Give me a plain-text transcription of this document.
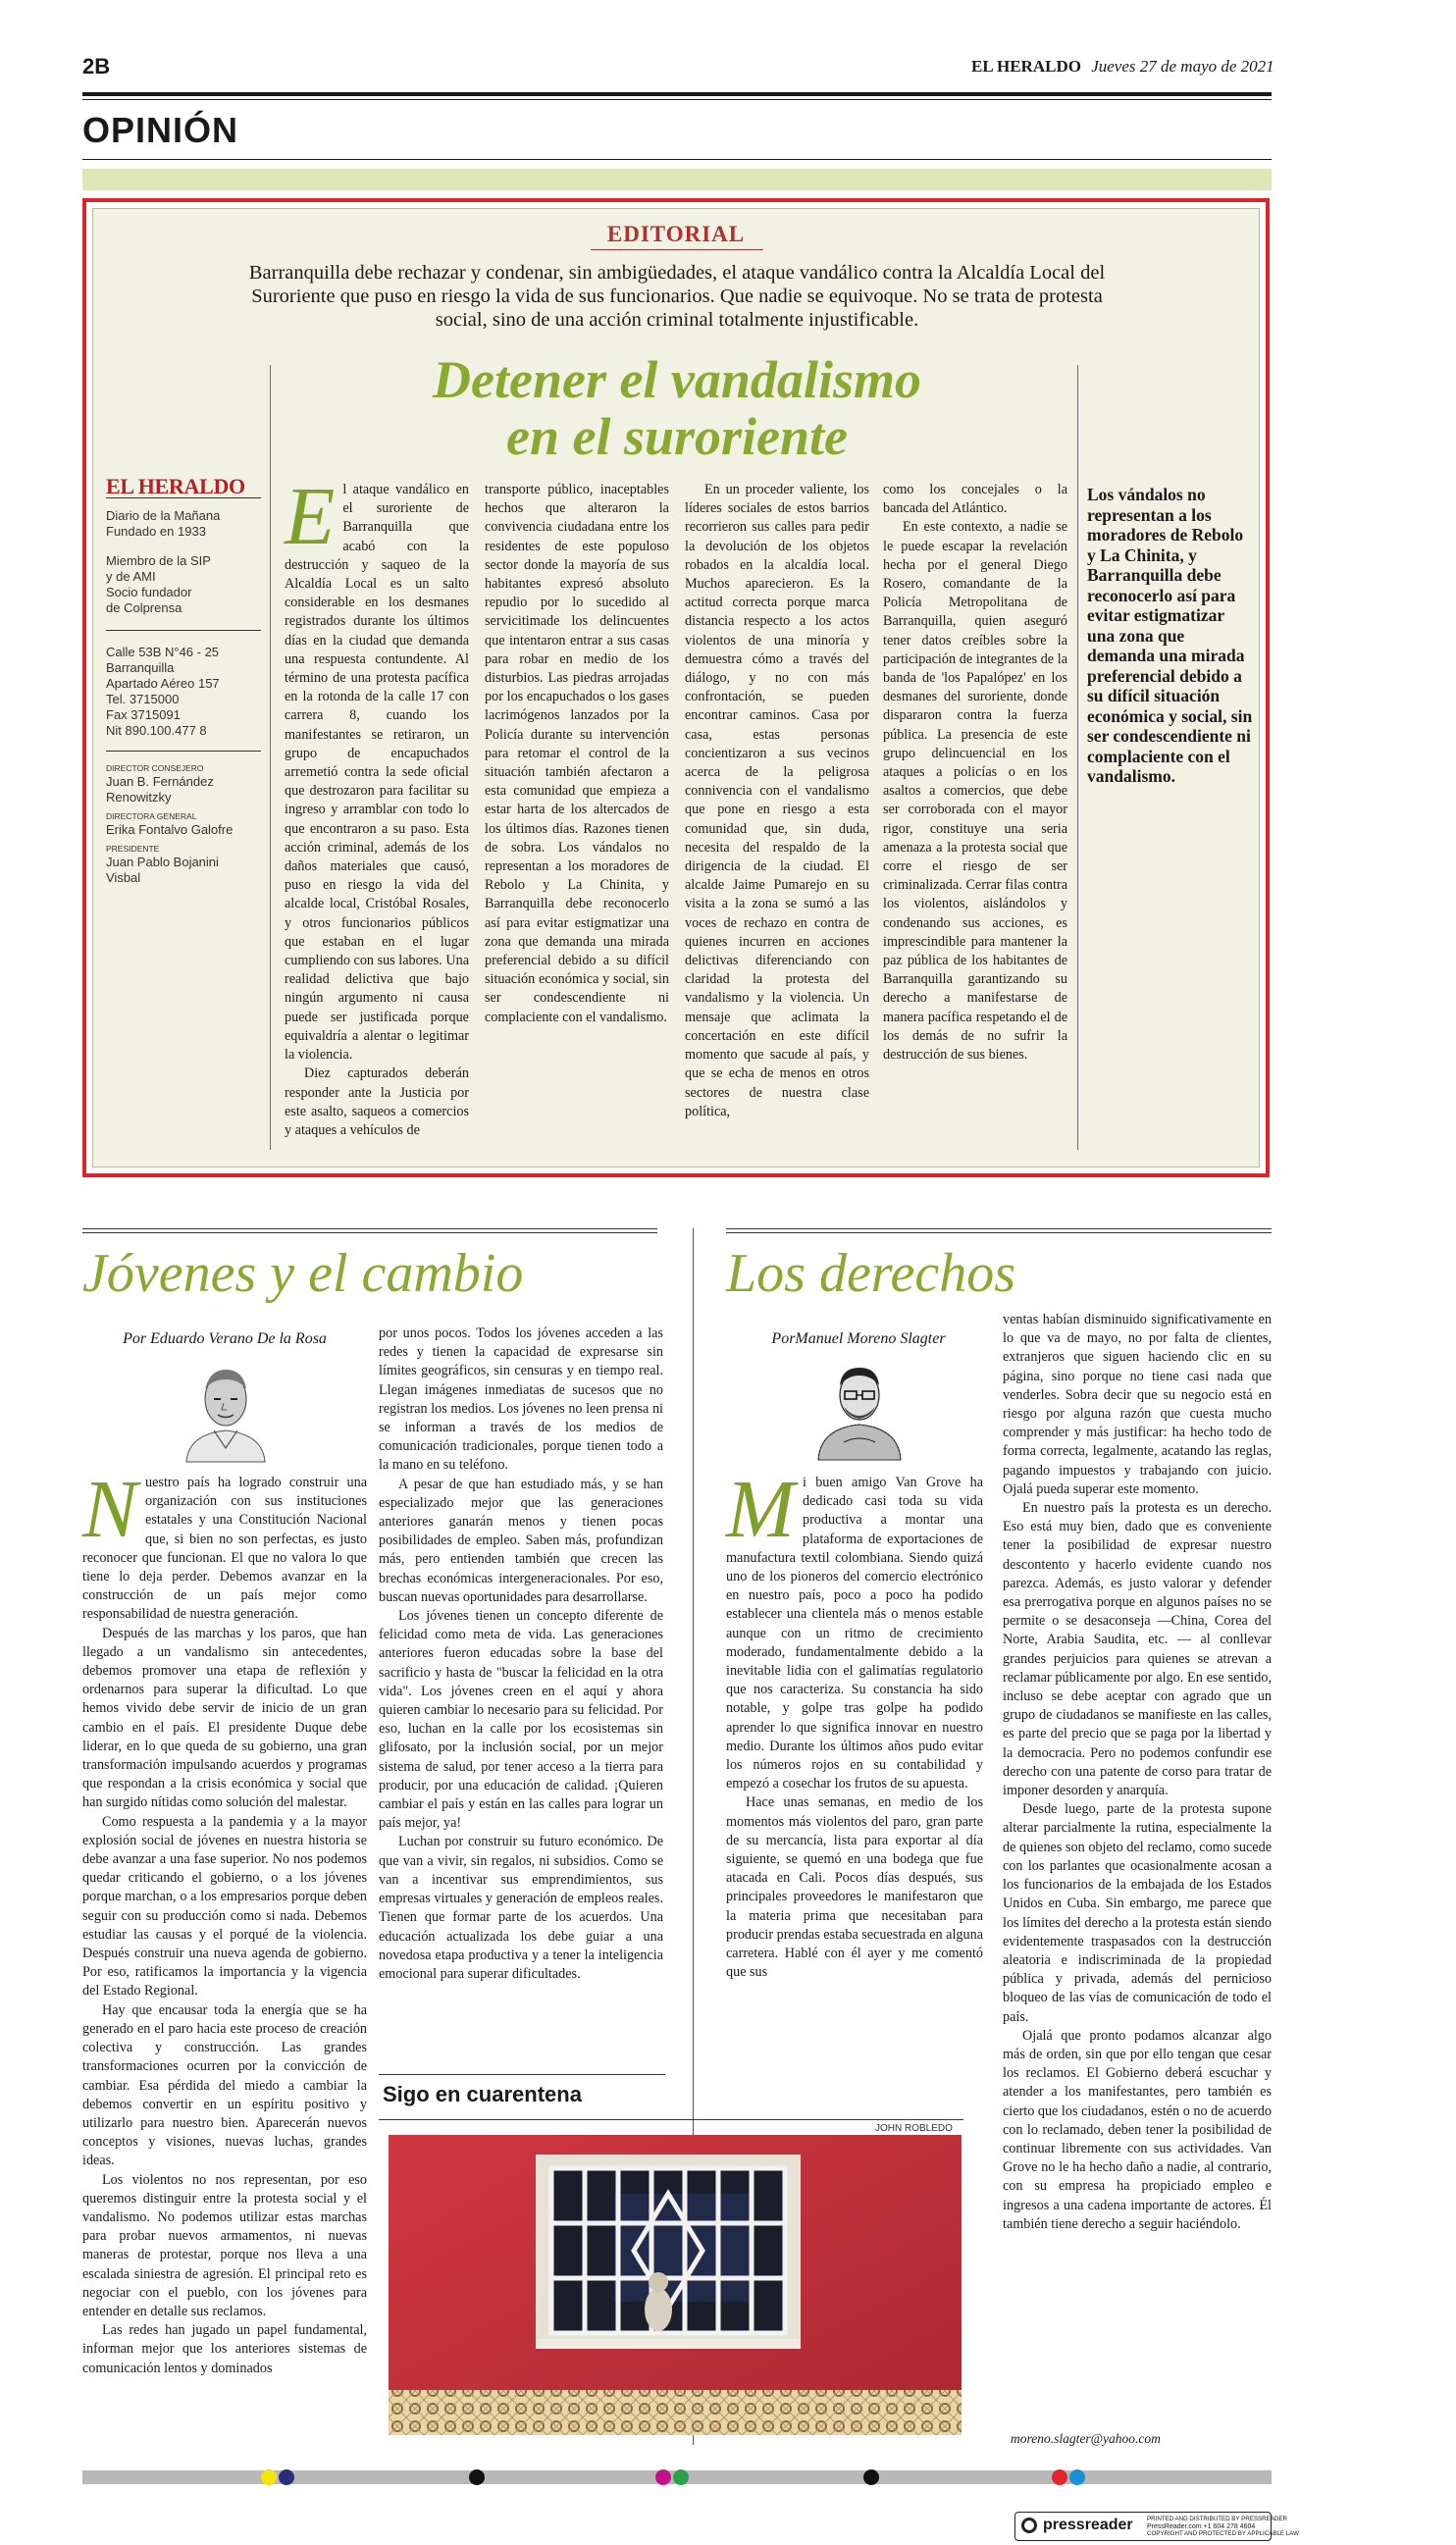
2B	EL HERALDO Jueves 27 de mayo de 2021
OPINIÓN
EDITORIAL
Barranquilla debe rechazar y condenar, sin ambigüedades, el ataque vandálico contra la Alcaldía Local del Suroriente que puso en riesgo la vida de sus funcionarios. Que nadie se equivoque. No se trata de protesta social, sino de una acción criminal totalmente injustificable.
Detener el vandalismo
en el suroriente
EL HERALDO
Diario de la Mañana
Fundado en 1933
Miembro de la SIP
y de AMI
Socio fundador
de Colprensa
Calle 53B N°46 - 25
Barranquilla
Apartado Aéreo 157
Tel. 3715000
Fax 3715091
Nit 890.100.477 8
DIRECTOR CONSEJERO
Juan B. Fernández
Renowitzky
DIRECTORA GENERAL
Erika Fontalvo Galofre
PRESIDENTE
Juan Pablo Bojanini
Visbal
E l ataque vandálico en el suroriente de Barranquilla que acabó con la destrucción y saqueo de la Alcaldía Local es un salto considerable en los desmanes registrados durante los últimos días en la ciudad que demanda una respuesta contundente. Al término de una protesta pacífica en la rotonda de la calle 17 con carrera 8, cuando los manifestantes se retiraron, un grupo de encapuchados arremetió contra la sede oficial que destrozaron para facilitar su ingreso y arramblar con todo lo que encontraron a su paso. Esta acción criminal, además de los daños materiales que causó, puso en riesgo la vida del alcalde local, Cristóbal Rosales, y otros funcionarios públicos que estaban en el lugar cumpliendo con sus labores. Una realidad delictiva que bajo ningún argumento ni causa puede ser justificada porque equivaldría a alentar o legitimar la violencia.

Diez capturados deberán responder ante la Justicia por este asalto, saqueos a comercios y ataques a vehículos de

transporte público, inaceptables hechos que alteraron la convivencia ciudadana entre los residentes de este populoso sector donde la mayoría de sus habitantes expresó absoluto repudio por lo sucedido al servicitimade los delincuentes que intentaron entrar a sus casas para robar en medio de los disturbios. Las piedras arrojadas por los encapuchados o los gases lacrimógenos lanzados por la Policía durante su intervención para retomar el control de la situación también afectaron a esta comunidad que empieza a estar harta de los altercados de los últimos días. Razones tienen de sobra. Los vándalos no representan a los moradores de Rebolo y La Chinita, y Barranquilla debe reconocerlo así para evitar estigmatizar una zona que demanda una mirada preferencial debido a su difícil situación económica y social, sin ser condescendiente ni complaciente con el vandalismo.

En un proceder valiente, los líderes sociales de estos barrios recorrieron sus calles para pedir la devolución de los objetos robados en la alcaldía local. Muchos aparecieron. Es la actitud correcta porque marca distancia respecto a los actos violentos de una minoría y demuestra cómo a través del diálogo, y no con más confrontación, se pueden encontrar caminos. Casa por casa, estas personas concientizaron a sus vecinos acerca de la peligrosa connivencia con el vandalismo que pone en riesgo a esta comunidad que, sin duda, necesita del respaldo de la dirigencia de la ciudad. El alcalde Jaime Pumarejo en su visita a la zona se sumó a las voces de rechazo en contra de quienes incurren en acciones delictivas diferenciando con claridad la protesta del vandalismo y la violencia. Un mensaje que aclimata la concertación en este difícil momento que sacude al país, y que se echa de menos en otros sectores de nuestra clase política,

como los concejales o la bancada del Atlántico.

En este contexto, a nadie se le puede escapar la revelación hecha por el general Diego Rosero, comandante de la Policía Metropolitana de Barranquilla, quien aseguró tener datos creíbles sobre la participación de integrantes de la banda de 'los Papalópez' en los desmanes del suroriente, donde dispararon contra la fuerza pública. La presencia de este grupo delincuencial en los ataques a policías o en los asaltos a comercios, que debe ser corroborada con el mayor rigor, constituye una seria amenaza a la protesta social que corre el riesgo de ser criminalizada. Cerrar filas contra los violentos, aislándolos y condenando sus acciones, es imprescindible para mantener la paz pública de los habitantes de Barranquilla garantizando su derecho a manifestarse de manera pacífica respetando el de los demás de no sufrir la destrucción de sus bienes.

Los vándalos no representan a los moradores de Rebolo y La Chinita, y Barranquilla debe reconocerlo así para evitar estigmatizar una zona que demanda una mirada preferencial debido a su difícil situación económica y social, sin ser condescendiente ni complaciente con el vandalismo.
Jóvenes y el cambio
Por Eduardo Verano De la Rosa
N uestro país ha logrado construir una organización con sus instituciones estatales y una Constitución Nacional que, si bien no son perfectas, es justo reconocer que funcionan. El que no valora lo que tiene lo deja perder. Debemos avanzar en la construcción de un país mejor como responsabilidad de nuestra generación.

Después de las marchas y los paros, que han llegado a un vandalismo sin antecedentes, debemos promover una etapa de reflexión y ordenarnos para superar la dificultad. Lo que hemos vivido debe servir de inicio de un gran cambio en el país. El presidente Duque debe liderar, en lo que queda de su gobierno, una gran transformación impulsando acuerdos y programas que respondan a la crisis económica y social que han surgido nítidas como solución del malestar.

Como respuesta a la pandemia y a la mayor explosión social de jóvenes en nuestra historia se debe avanzar a una fase superior. No nos podemos quedar criticando el gobierno, o a los jóvenes porque marchan, o a los empresarios porque deben seguir con su producción como si nada. Debemos estudiar las causas y el porqué de la violencia. Después construir una nueva agenda de gobierno. Por eso, ratificamos la importancia y la vigencia del Estado Regional.

Hay que encausar toda la energía que se ha generado en el paro hacia este proceso de creación colectiva y construcción. Las grandes transformaciones ocurren por la convicción de cambiar. Esa pérdida del miedo a cambiar la debemos convertir en un espíritu positivo y utilizarlo para nuestro bien. Aparecerán nuevos conceptos y visiones, nuevas luchas, grandes ideas.

Los violentos no nos representan, por eso queremos distinguir entre la protesta social y el vandalismo. No podemos utilizar estas marchas para probar nuevos armamentos, ni nuevas maneras de protestar, porque nos lleva a una escalada siniestra de agresión. El principal reto es negociar con el pueblo, con los jóvenes para entender en detalle sus reclamos.

Las redes han jugado un papel fundamental, informan mejor que los anteriores sistemas de comunicación lentos y dominados

por unos pocos. Todos los jóvenes acceden a las redes y tienen la capacidad de expresarse sin límites geográficos, sin censuras y en tiempo real. Llegan imágenes inmediatas de sucesos que no registran los medios. Los jóvenes no leen prensa ni se informan a través de los medios de comunicación tradicionales, porque tienen todo a la mano en su teléfono.

A pesar de que han estudiado más, y se han especializado mejor que las generaciones anteriores ganarán menos y tienen pocas posibilidades de empleo. Saben más, profundizan más, pero entienden también que crecen las brechas económicas intergeneracionales. Por eso, buscan nuevas oportunidades para desarrollarse.

Los jóvenes tienen un concepto diferente de felicidad como meta de vida. Las generaciones anteriores fueron educadas sobre la base del sacrificio y hasta de "buscar la felicidad en la otra vida". Los jóvenes creen en el aquí y ahora quieren cambiar lo necesario para su felicidad. Por eso, luchan en la calle por los ecosistemas sin glifosato, por la inclusión social, por un mejor sistema de salud, por tener acceso a la tierra para producir, por una educación de calidad. ¡Quieren cambiar el país y están en las calles para lograr un país mejor, ya!

Luchan por construir su futuro económico. De que van a vivir, sin regalos, ni subsidios. Como se van a incentivar sus emprendimientos, sus empresas virtuales y generación de empleos reales. Tienen que formar parte de los acuerdos. Una educación actualizada los debe guiar a una novedosa etapa productiva y a tener la inteligencia emocional para superar dificultades.

Sigo en cuarentena
JOHN ROBLEDO
Los derechos
PorManuel Moreno Slagter
M i buen amigo Van Grove ha dedicado casi toda su vida productiva a montar una plataforma de exportaciones de manufactura textil colombiana. Siendo quizá uno de los pioneros del comercio electrónico en nuestro país, poco a poco ha podido establecer una clientela más o menos estable aunque con un ritmo de crecimiento moderado, fundamentalmente debido a la inevitable lidia con el galimatías regulatorio que nos caracteriza. Su constancia ha sido notable, y golpe tras golpe ha podido aprender lo que significa innovar en nuestro medio. Durante los últimos años pudo evitar los números rojos en su contabilidad y empezó a cosechar los frutos de su apuesta.

Hace unas semanas, en medio de los momentos más violentos del paro, gran parte de su mercancía, lista para exportar al día siguiente, se quemó en una bodega que fue atacada en Cali. Pocos días después, sus principales proveedores le manifestaron que la materia prima que necesitaban para producir prendas estaba secuestrada en alguna carretera. Hablé con él ayer y me comentó que sus

ventas habían disminuido significativamente en lo que va de mayo, no por falta de clientes, extranjeros que siguen haciendo clic en su página, sino porque no tiene casi nada que venderles. Sobra decir que su negocio está en riesgo por alguna razón que cuesta mucho comprender y más justificar: ha hecho todo de forma correcta, legalmente, acatando las reglas, pagando impuestos y trabajando con juicio. Ojalá pueda superar este momento.

En nuestro país la protesta es un derecho. Eso está muy bien, dado que es conveniente tener la posibilidad de expresar nuestro descontento y hacerlo evidente cuando nos parezca. Además, es justo valorar y defender esa prerrogativa porque en algunos países no se permite o se desaconseja —China, Corea del Norte, Arabia Saudita, etc. — al conllevar grandes perjuicios para quienes se atrevan a reclamar públicamente por algo. En ese sentido, incluso se debe aceptar con agrado que un grupo de ciudadanos se manifieste en las calles, es parte del precio que se paga por la libertad y la democracia. Pero no podemos confundir ese derecho con una patente de corso para tratar de imponer desorden y anarquía.

Desde luego, parte de la protesta supone alterar parcialmente la rutina, especialmente la de quienes son objeto del reclamo, como sucede con los parlantes que ocasionalmente acosan a los funcionarios de la embajada de los Estados Unidos en Cuba. Sin embargo, me parece que los límites del derecho a la protesta están siendo evidentemente traspasados con la destrucción aleatoria e indiscriminada de la propiedad pública y privada, además del pernicioso bloqueo de las vías de comunicación de todo el país.

Ojalá que pronto podamos alcanzar algo más de orden, sin que por ello tengan que cesar los reclamos. El Gobierno deberá escuchar y atender a los manifestantes, pero también es cierto que los ciudadanos, estén o no de acuerdo con lo reclamado, deben tener la posibilidad de continuar libremente con sus actividades. Van Grove no le ha hecho daño a nadie, al contrario, con su empresa ha propiciado empleo e ingresos a una cadena importante de actores. Él también tiene derecho a seguir haciéndolo.

moreno.slagter@yahoo.com
pressreader PRINTED AND DISTRIBUTED BY PRESSREADER
PressReader.com +1 604 278 4604
COPYRIGHT AND PROTECTED BY APPLICABLE LAW
